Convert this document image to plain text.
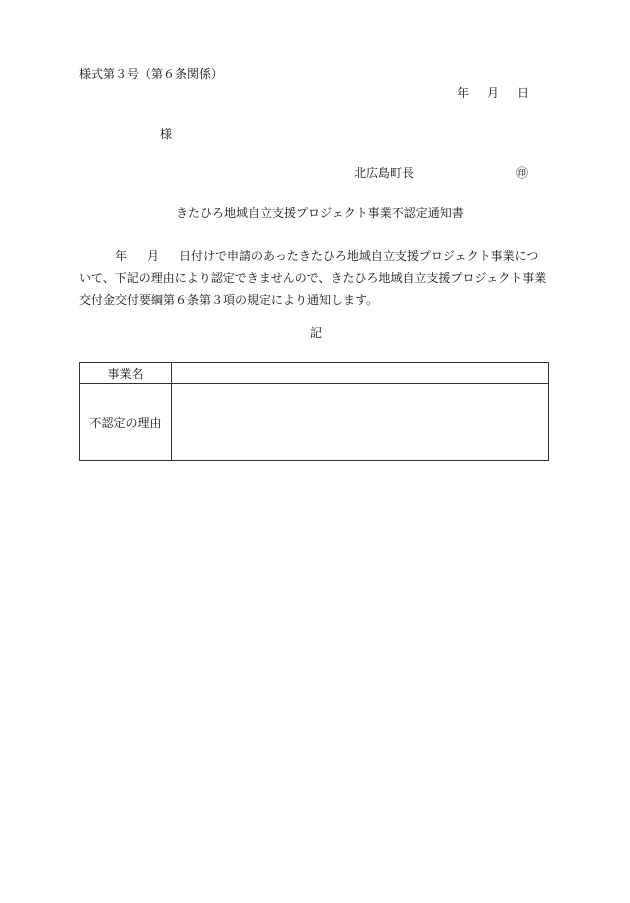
様式第３号（第６条関係）
年 月 日
様
北広島町長	㊞
きたひろ地域自立支援プロジェクト事業不認定通知書
年 月 日付けで申請のあったきたひろ地域自立支援プロジェクト事業について、下記の理由により認定できませんので、きたひろ地域自立支援プロジェクト事業交付金交付要綱第６条第３項の規定により通知します。
記
事業名	
不認定の理由	
